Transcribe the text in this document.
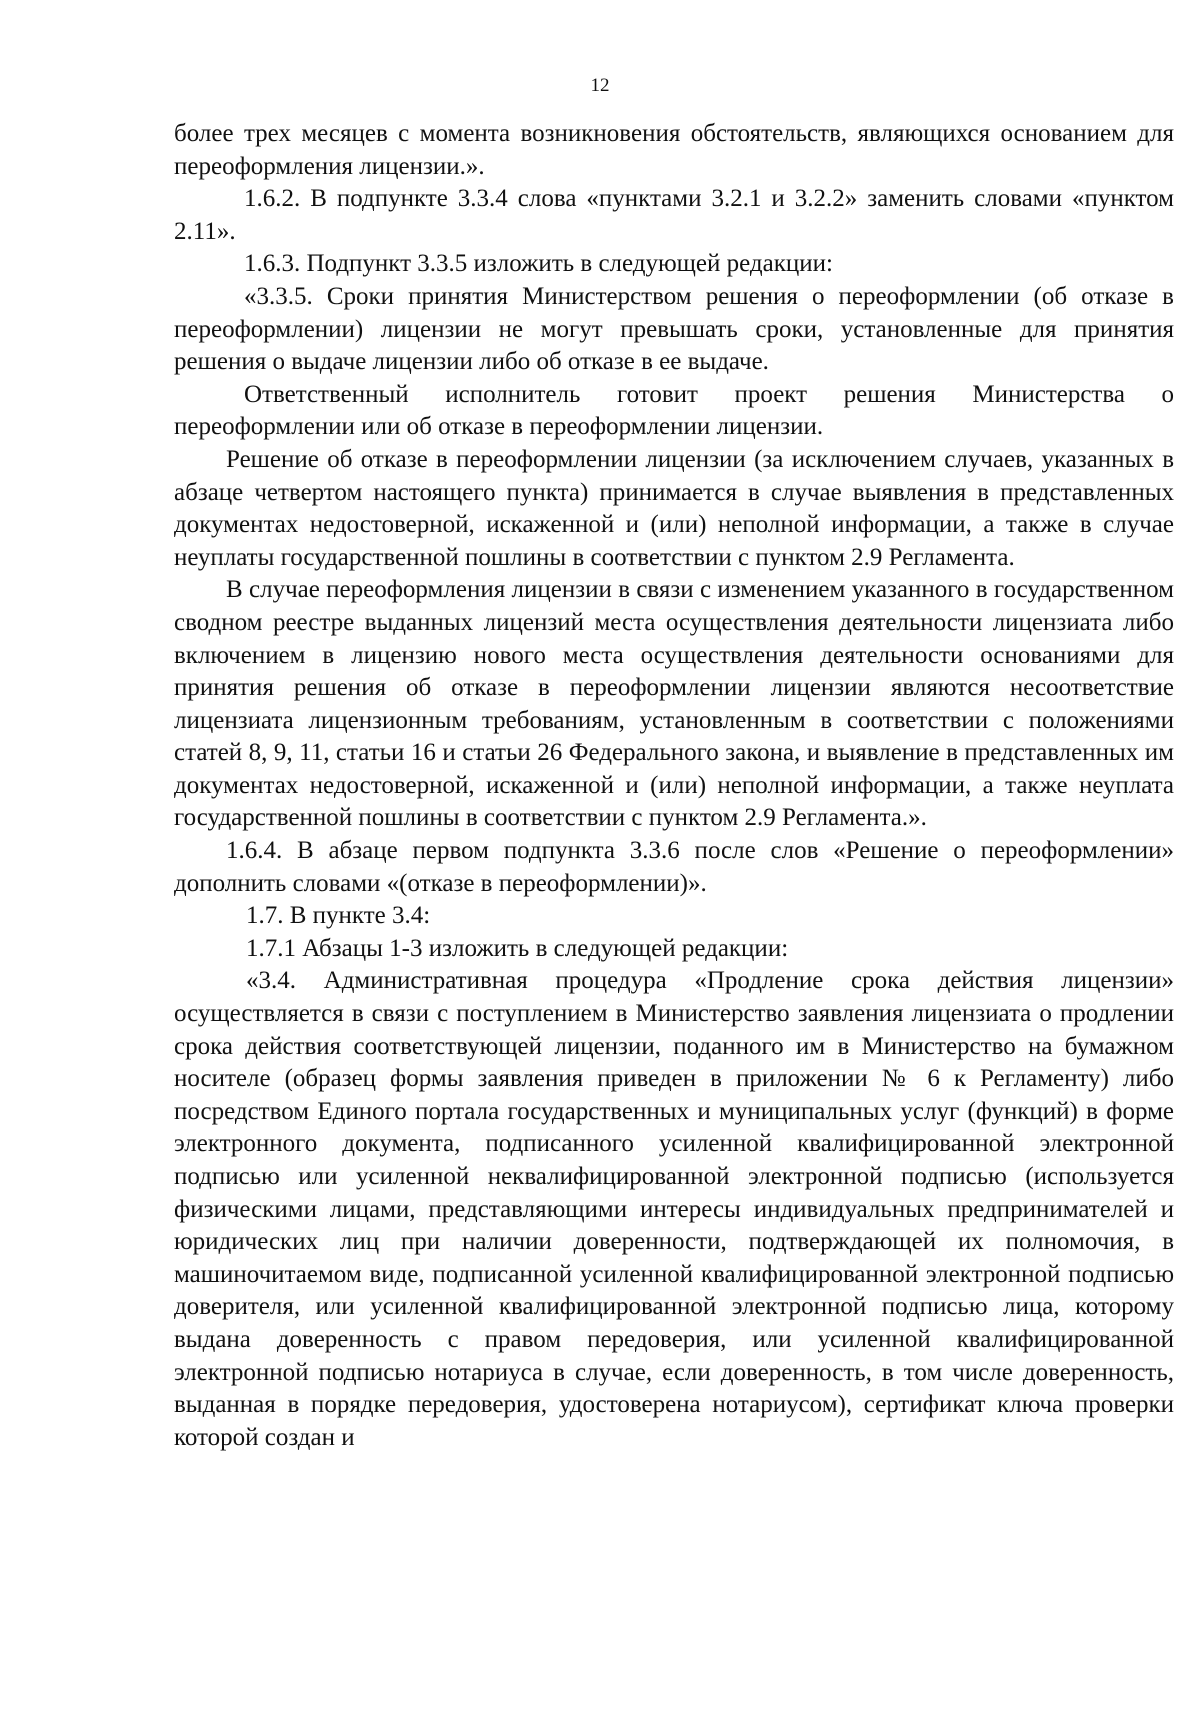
12

более трех месяцев с момента возникновения обстоятельств, являющихся основанием для переоформления лицензии.».

1.6.2. В подпункте 3.3.4 слова «пунктами 3.2.1 и 3.2.2» заменить словами «пунктом 2.11».

1.6.3. Подпункт 3.3.5 изложить в следующей редакции:

«3.3.5. Сроки принятия Министерством решения о переоформлении (об отказе в переоформлении) лицензии не могут превышать сроки, установленные для принятия решения о выдаче лицензии либо об отказе в ее выдаче.

Ответственный исполнитель готовит проект решения Министерства о переоформлении или об отказе в переоформлении лицензии.

Решение об отказе в переоформлении лицензии (за исключением случаев, указанных в абзаце четвертом настоящего пункта) принимается в случае выявления в представленных документах недостоверной, искаженной и (или) неполной информации, а также в случае неуплаты государственной пошлины в соответствии с пунктом 2.9 Регламента.

В случае переоформления лицензии в связи с изменением указанного в государственном сводном реестре выданных лицензий места осуществления деятельности лицензиата либо включением в лицензию нового места осуществления деятельности основаниями для принятия решения об отказе в переоформлении лицензии являются несоответствие лицензиата лицензионным требованиям, установленным в соответствии с положениями статей 8, 9, 11, статьи 16 и статьи 26 Федерального закона, и выявление в представленных им документах недостоверной, искаженной и (или) неполной информации, а также неуплата государственной пошлины в соответствии с пунктом 2.9 Регламента.».

1.6.4. В абзаце первом подпункта 3.3.6 после слов «Решение о переоформлении» дополнить словами «(отказе в переоформлении)».

1.7. В пункте 3.4:

1.7.1 Абзацы 1-3 изложить в следующей редакции:

«3.4. Административная процедура «Продление срока действия лицензии» осуществляется в связи с поступлением в Министерство заявления лицензиата о продлении срока действия соответствующей лицензии, поданного им в Министерство на бумажном носителе (образец формы заявления приведен в приложении № 6 к Регламенту) либо посредством Единого портала государственных и муниципальных услуг (функций) в форме электронного документа, подписанного усиленной квалифицированной электронной подписью или усиленной неквалифицированной электронной подписью (используется физическими лицами, представляющими интересы индивидуальных предпринимателей и юридических лиц при наличии доверенности, подтверждающей их полномочия, в машиночитаемом виде, подписанной усиленной квалифицированной электронной подписью доверителя, или усиленной квалифицированной электронной подписью лица, которому выдана доверенность с правом передоверия, или усиленной квалифицированной электронной подписью нотариуса в случае, если доверенность, в том числе доверенность, выданная в порядке передоверия, удостоверена нотариусом), сертификат ключа проверки которой создан и
